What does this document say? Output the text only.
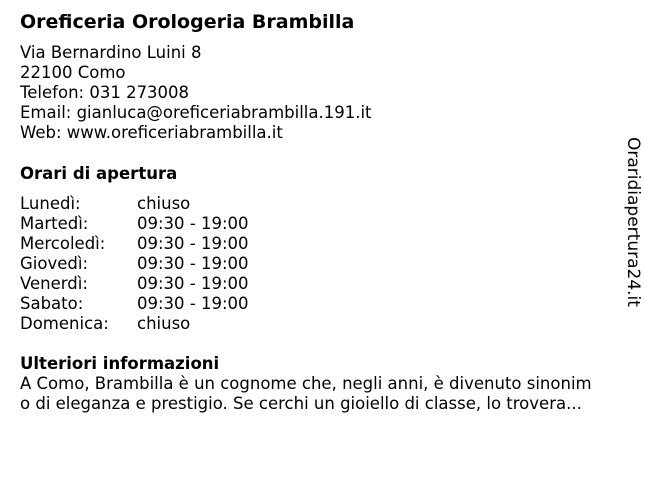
Oreficeria Orologeria Brambilla
Via Bernardino Luini 8
22100 Como
Telefon: 031 273008
Email: gianluca@oreficeriabrambilla.191.it
Web: www.oreficeriabrambilla.it
Orari di apertura
Lunedì:	chiuso
Martedì:	09:30 - 19:00
Mercoledì: 09:30 - 19:00
Giovedì:	09:30 - 19:00
Venerdì:	09:30 - 19:00
Sabato:	09:30 - 19:00
Domenica: chiuso
Ulteriori informazioni
A Como, Brambilla è un cognome che, negli anni, è divenuto sinonim
o di eleganza e prestigio. Se cerchi un gioiello di classe, lo trovera...
Oraridiapertura24.it
